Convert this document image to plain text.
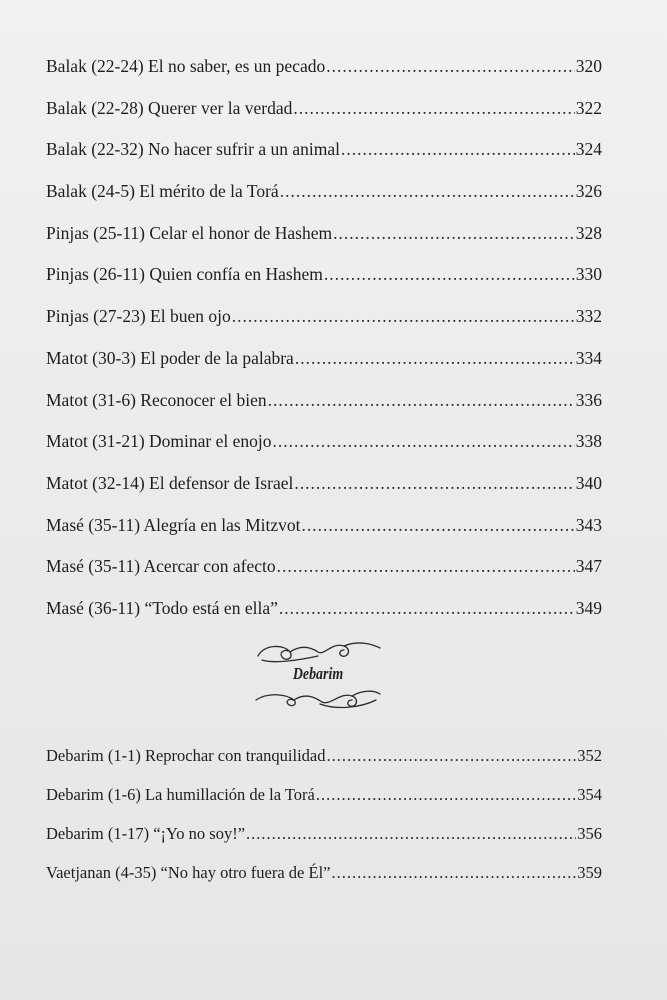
Balak (22-24) El no saber, es un pecado .....	320
Balak (22-28) Querer ver la verdad .....	322
Balak (22-32) No hacer sufrir a un animal .....	324
Balak (24-5) El mérito de la Torá .....	326
Pinjas (25-11) Celar el honor de Hashem .....	328
Pinjas (26-11) Quien confía en Hashem .....	330
Pinjas (27-23) El buen ojo .....	332
Matot (30-3) El poder de la palabra .....	334
Matot (31-6) Reconocer el bien .....	336
Matot (31-21) Dominar el enojo .....	338
Matot (32-14) El defensor de Israel .....	340
Masé (35-11) Alegría en las Mitzvot .....	343
Masé (35-11) Acercar con afecto .....	347
Masé (36-11) “Todo está en ella” .....	349
Debarim
Debarim (1-1) Reprochar con tranquilidad .....	352
Debarim (1-6) La humillación de la Torá .....	354
Debarim (1-17) “¡Yo no soy!” .....	356
Vaetjanan (4-35) “No hay otro fuera de Él” .....	359
